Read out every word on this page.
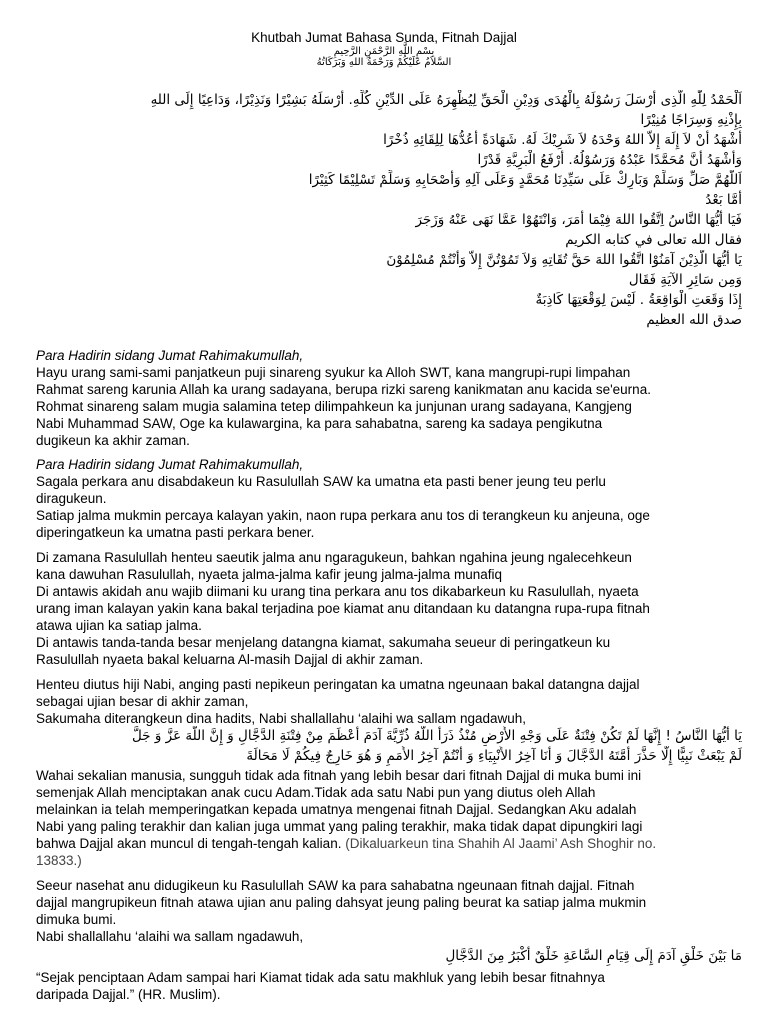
Khutbah Jumat Bahasa Sunda, Fitnah Dajjal
بِسْمِ اللَّهِ الرَّحْمَنِ الرَّحِيمِ
السَّلاَمُ عَلَيْكُمْ وَرَحْمَةُ اللهِ وَبَرَكَاتُهُ
اَلْحَمْدُ لِلّٰهِ الَّذِى أَرْسَلَ رَسُوْلَهُ بِالْهُدَى وَدِيْنِ الْحَقِّ لِيُظْهِرَهُ عَلَى الدِّيْنِ كُلِّهِ. أَرْسَلَهُ بَشِيْرًا وَنَذِيْرًا، وَدَاعِيًا إِلَى اللهِ
بِإِذْنِهِ وَسِرَاجًا مُنِيْرًا
أَشْهَدُ أَنْ لاَ إِلَهَ إِلاَّ اللهُ وَحْدَهُ لاَ شَرِيْكَ لَهُ. شَهَادَةً أَعُدُّهَا لِلِقَائِهِ ذُخْرًا
وَأَشْهَدُ أَنَّ مُحَمَّدًا عَبْدُهُ وَرَسُوْلُهُ. أَرْفَعُ الْبَرِيَّةِ قَدْرًا
اَللَّهُمَّ صَلِّ وَسَلِّمْ وَبَارِكْ عَلَى سَيِّدِنَا مُحَمَّدٍ وَعَلَى آلِهِ وَأَصْحَابِهِ وَسَلِّمْ تَسْلِيْمًا كَثِيْرًا
أَمَّا بَعْدُ
فَيَا أَيُّهَا النَّاسُ اِتَّقُوا اللهَ فِيْمَا أَمَرَ، وَانْتَهُوْا عَمَّا نَهَى عَنْهُ وَزَجَرَ
فقال الله تعالى في كتابه الكريم
يَا أَيُّهَا الَّذِيْنَ آمَنُوْا اتَّقُوا اللهَ حَقَّ تُقَاتِهِ وَلاَ تَمُوْتُنَّ إِلاَّ وَأَنْتُمْ مُسْلِمُوْنَ
وَمِن سَائِرِ الآيَةِ فَقَال
إِذَا وَقَعَتِ الْوَاقِعَةُ . لَيْسَ لِوَقْعَتِهَا كَاذِبَةٌ
صدق الله العظيم
Para Hadirin sidang Jumat Rahimakumullah,
Hayu urang sami-sami panjatkeun puji sinareng syukur ka Alloh SWT, kana mangrupi-rupi limpahan
Rahmat sareng karunia Allah ka urang sadayana, berupa rizki sareng kanikmatan anu kacida se'eurna.
Rohmat sinareng salam mugia salamina tetep dilimpahkeun ka junjunan urang sadayana, Kangjeng
Nabi Muhammad SAW, Oge ka kulawargina, ka para sahabatna, sareng ka sadaya pengikutna
dugikeun ka akhir zaman.
Para Hadirin sidang Jumat Rahimakumullah,
Sagala perkara anu disabdakeun ku Rasulullah SAW ka umatna eta pasti bener jeung teu perlu
diragukeun.
Satiap jalma mukmin percaya kalayan yakin, naon rupa perkara anu tos di terangkeun ku anjeuna, oge
diperingatkeun ka umatna pasti perkara bener.
Di zamana Rasulullah henteu saeutik jalma anu ngaragukeun, bahkan ngahina jeung ngalecehkeun
kana dawuhan Rasulullah, nyaeta jalma-jalma kafir jeung jalma-jalma munafiq
Di antawis akidah anu wajib diimani ku urang tina perkara anu tos dikabarkeun ku Rasulullah, nyaeta
urang iman kalayan yakin kana bakal terjadina poe kiamat anu ditandaan ku datangna rupa-rupa fitnah
atawa ujian ka satiap jalma.
Di antawis tanda-tanda besar menjelang datangna kiamat, sakumaha seueur di peringatkeun ku
Rasulullah nyaeta bakal keluarna Al-masih Dajjal di akhir zaman.
Henteu diutus hiji Nabi, anging pasti nepikeun peringatan ka umatna ngeunaan bakal datangna dajjal
sebagai ujian besar di akhir zaman,
Sakumaha diterangkeun dina hadits, Nabi shallallahu ‘alaihi wa sallam ngadawuh,
يَا أَيُّهَا النَّاسُ ! إِنَّهَا لَمْ تَكُنْ فِتْنَةٌ عَلَى وَجْهِ الأَرْضِ مُنْذُ ذَرَأَ اللَّهُ ذُرِّيَّةَ آدَمَ أَعْظَمَ مِنْ فِتْنَةِ الدَّجَّالِ وَ إِنَّ اللَّهَ عَزَّ وَ جَلَّ
لَمْ يَبْعَثْ نَبِيًّا إِلَّا حَذَّرَ أُمَّتَهُ الدَّجَّالَ وَ أَنَا آخِرُ الأَنْبِيَاءِ وَ أَنْتُمْ آخِرُ الأُمَمِ وَ هُوَ خَارِجٌ فِيكُمْ لَا مَحَالَةَ
Wahai sekalian manusia, sungguh tidak ada fitnah yang lebih besar dari fitnah Dajjal di muka bumi ini
semenjak Allah menciptakan anak cucu Adam.Tidak ada satu Nabi pun yang diutus oleh Allah
melainkan ia telah memperingatkan kepada umatnya mengenai fitnah Dajjal. Sedangkan Aku adalah
Nabi yang paling terakhir dan kalian juga ummat yang paling terakhir, maka tidak dapat dipungkiri lagi
bahwa Dajjal akan muncul di tengah-tengah kalian. (Dikaluarkeun tina Shahih Al Jaami’ Ash Shoghir no.
13833.)
Seeur nasehat anu didugikeun ku Rasulullah SAW ka para sahabatna ngeunaan fitnah dajjal. Fitnah
dajjal mangrupikeun fitnah atawa ujian anu paling dahsyat jeung paling beurat ka satiap jalma mukmin
dimuka bumi.
Nabi shallallahu ‘alaihi wa sallam ngadawuh,
مَا بَيْنَ خَلْقِ آدَمَ إِلَى قِيَامِ السَّاعَةِ خَلْقٌ أَكْبَرُ مِنَ الدَّجَّالِ
“Sejak penciptaan Adam sampai hari Kiamat tidak ada satu makhluk yang lebih besar fitnahnya
daripada Dajjal.” (HR. Muslim).
